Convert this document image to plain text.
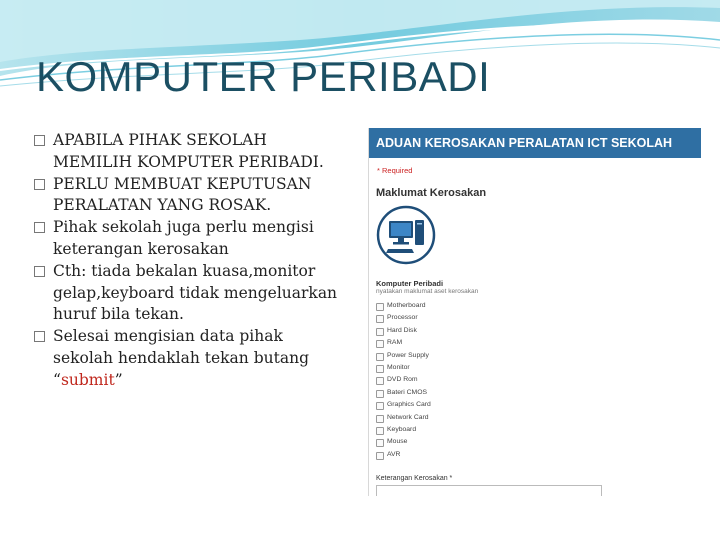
KOMPUTER PERIBADI
APABILA PIHAK SEKOLAH
MEMILIH KOMPUTER PERIBADI.
PERLU MEMBUAT KEPUTUSAN
PERALATAN YANG ROSAK.
Pihak sekolah juga perlu mengisi
keterangan kerosakan
Cth: tiada bekalan kuasa,monitor
gelap,keyboard tidak mengeluarkan
huruf bila tekan.
Selesai mengisian data pihak
sekolah hendaklah tekan butang
“submit”
ADUAN KEROSAKAN PERALATAN ICT SEKOLAH
* Required
Maklumat Kerosakan
Komputer Peribadi
nyatakan maklumat aset kerosakan
Motherboard
Processor
Hard Disk
RAM
Power Supply
Monitor
DVD Rom
Bateri CMOS
Graphics Card
Network Card
Keyboard
Mouse
AVR
Keterangan Kerosakan *
